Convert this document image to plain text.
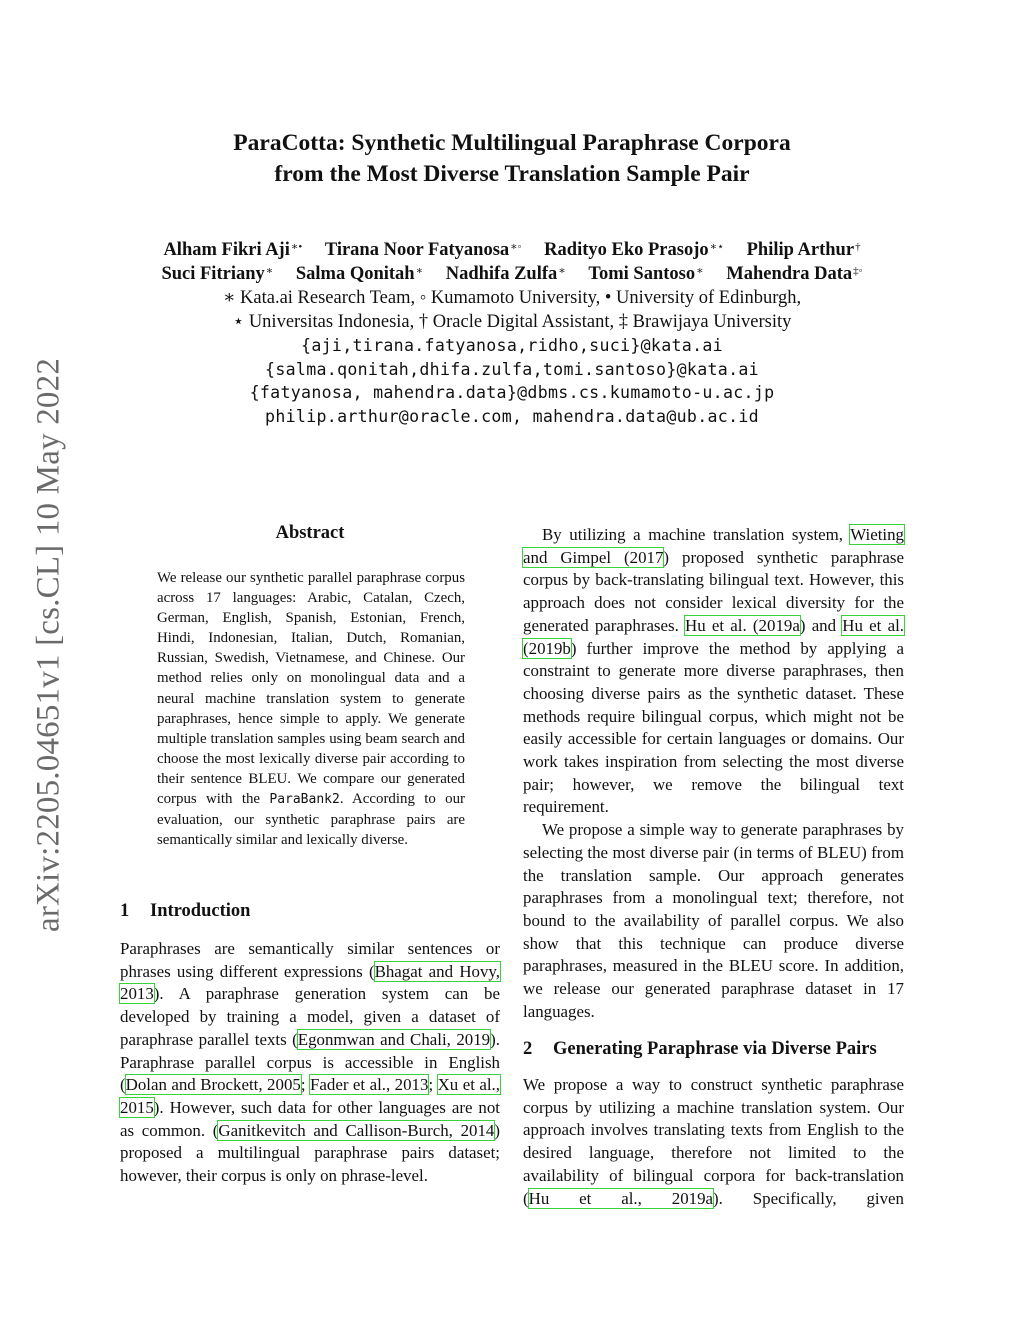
arXiv:2205.04651v1 [cs.CL] 10 May 2022
ParaCotta: Synthetic Multilingual Paraphrase Corpora
from the Most Diverse Translation Sample Pair
Alham Fikri Aji∗• Tirana Noor Fatyanosa∗◦ Radityo Eko Prasojo∗⋆ Philip Arthur†
Suci Fitriany∗ Salma Qonitah∗ Nadhifa Zulfa∗ Tomi Santoso∗ Mahendra Data‡◦
∗ Kata.ai Research Team, ◦ Kumamoto University, • University of Edinburgh,
⋆ Universitas Indonesia, † Oracle Digital Assistant, ‡ Brawijaya University
{aji,tirana.fatyanosa,ridho,suci}@kata.ai
{salma.qonitah,dhifa.zulfa,tomi.santoso}@kata.ai
{fatyanosa, mahendra.data}@dbms.cs.kumamoto-u.ac.jp
philip.arthur@oracle.com, mahendra.data@ub.ac.id
Abstract
We release our synthetic parallel paraphrase corpus across 17 languages: Arabic, Catalan, Czech, German, English, Spanish, Estonian, French, Hindi, Indonesian, Italian, Dutch, Romanian, Russian, Swedish, Vietnamese, and Chinese. Our method relies only on monolingual data and a neural machine translation system to generate paraphrases, hence simple to apply. We generate multiple translation samples using beam search and choose the most lexically diverse pair according to their sentence BLEU. We compare our generated corpus with the ParaBank2. According to our evaluation, our synthetic paraphrase pairs are semantically similar and lexically diverse.
1 Introduction

Paraphrases are semantically similar sentences or phrases using different expressions (Bhagat and Hovy, 2013). A paraphrase generation system can be developed by training a model, given a dataset of paraphrase parallel texts (Egonmwan and Chali, 2019). Paraphrase parallel corpus is accessible in English (Dolan and Brockett, 2005; Fader et al., 2013; Xu et al., 2015). However, such data for other languages are not as common. (Ganitkevitch and Callison-Burch, 2014) proposed a multilingual paraphrase pairs dataset; however, their corpus is only on phrase-level.

By utilizing a machine translation system, Wieting and Gimpel (2017) proposed synthetic paraphrase corpus by back-translating bilingual text. However, this approach does not consider lexical diversity for the generated paraphrases. Hu et al. (2019a) and Hu et al. (2019b) further improve the method by applying a constraint to generate more diverse paraphrases, then choosing diverse pairs as the synthetic dataset. These methods require bilingual corpus, which might not be easily accessible for certain languages or domains. Our work takes inspiration from selecting the most diverse pair; however, we remove the bilingual text requirement.

We propose a simple way to generate paraphrases by selecting the most diverse pair (in terms of BLEU) from the translation sample. Our approach generates paraphrases from a monolingual text; therefore, not bound to the availability of parallel corpus. We also show that this technique can produce diverse paraphrases, measured in the BLEU score. In addition, we release our generated paraphrase dataset in 17 languages.

2 Generating Paraphrase via Diverse Pairs

We propose a way to construct synthetic paraphrase corpus by utilizing a machine translation system. Our approach involves translating texts from English to the desired language, therefore not limited to the availability of bilingual corpora for back-translation (Hu et al., 2019a). Specifically, given
